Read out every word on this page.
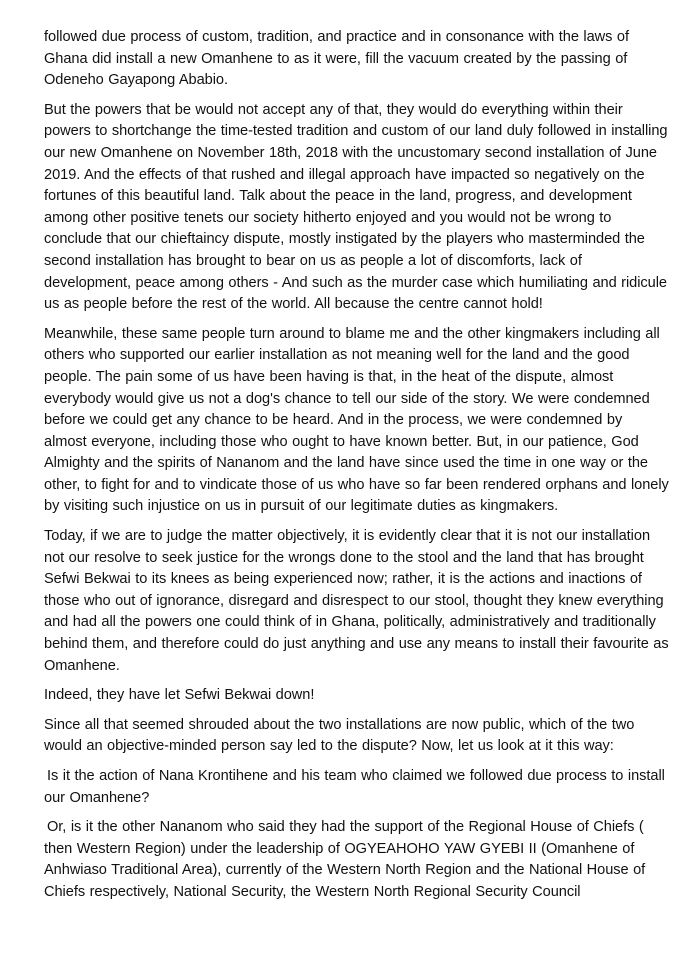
followed due process of custom, tradition, and practice and in consonance with the laws of Ghana did install a new Omanhene to as it were, fill the vacuum created by the passing of Odeneho Gayapong Ababio.

But the powers that be would not accept any of that, they would do everything within their powers to shortchange the time-tested tradition and custom of our land duly followed in installing our new Omanhene on November 18th, 2018 with the uncustomary second installation of June 2019. And the effects of that rushed and illegal approach have impacted so negatively on the fortunes of this beautiful land. Talk about the peace in the land, progress, and development among other positive tenets our society hitherto enjoyed and you would not be wrong to conclude that our chieftaincy dispute, mostly instigated by the players who masterminded the second installation has brought to bear on us as people a lot of discomforts, lack of development, peace among others - And such as the murder case which humiliating and ridicule us as people before the rest of the world. All because the centre cannot hold!

Meanwhile, these same people turn around to blame me and the other kingmakers including all others who supported our earlier installation as not meaning well for the land and the good people. The pain some of us have been having is that, in the heat of the dispute, almost everybody would give us not a dog's chance to tell our side of the story. We were condemned before we could get any chance to be heard. And in the process, we were condemned by almost everyone, including those who ought to have known better. But, in our patience, God Almighty and the spirits of Nananom and the land have since used the time in one way or the other, to fight for and to vindicate those of us who have so far been rendered orphans and lonely by visiting such injustice on us in pursuit of our legitimate duties as kingmakers.

Today, if we are to judge the matter objectively, it is evidently clear that it is not our installation not our resolve to seek justice for the wrongs done to the stool and the land that has brought Sefwi Bekwai to its knees as being experienced now; rather, it is the actions and inactions of those who out of ignorance, disregard and disrespect to our stool, thought they knew everything and had all the powers one could think of in Ghana, politically, administratively and traditionally behind them, and therefore could do just anything and use any means to install their favourite as Omanhene.

Indeed, they have let Sefwi Bekwai down!

Since all that seemed shrouded about the two installations are now public, which of the two would an objective-minded person say led to the dispute? Now, let us look at it this way:

Is it the action of Nana Krontihene and his team who claimed we followed due process to install our Omanhene?

Or, is it the other Nananom who said they had the support of the Regional House of Chiefs ( then Western Region) under the leadership of OGYEAHOHO YAW GYEBI II (Omanhene of Anhwiaso Traditional Area), currently of the Western North Region and the National House of Chiefs respectively, National Security, the Western North Regional Security Council
